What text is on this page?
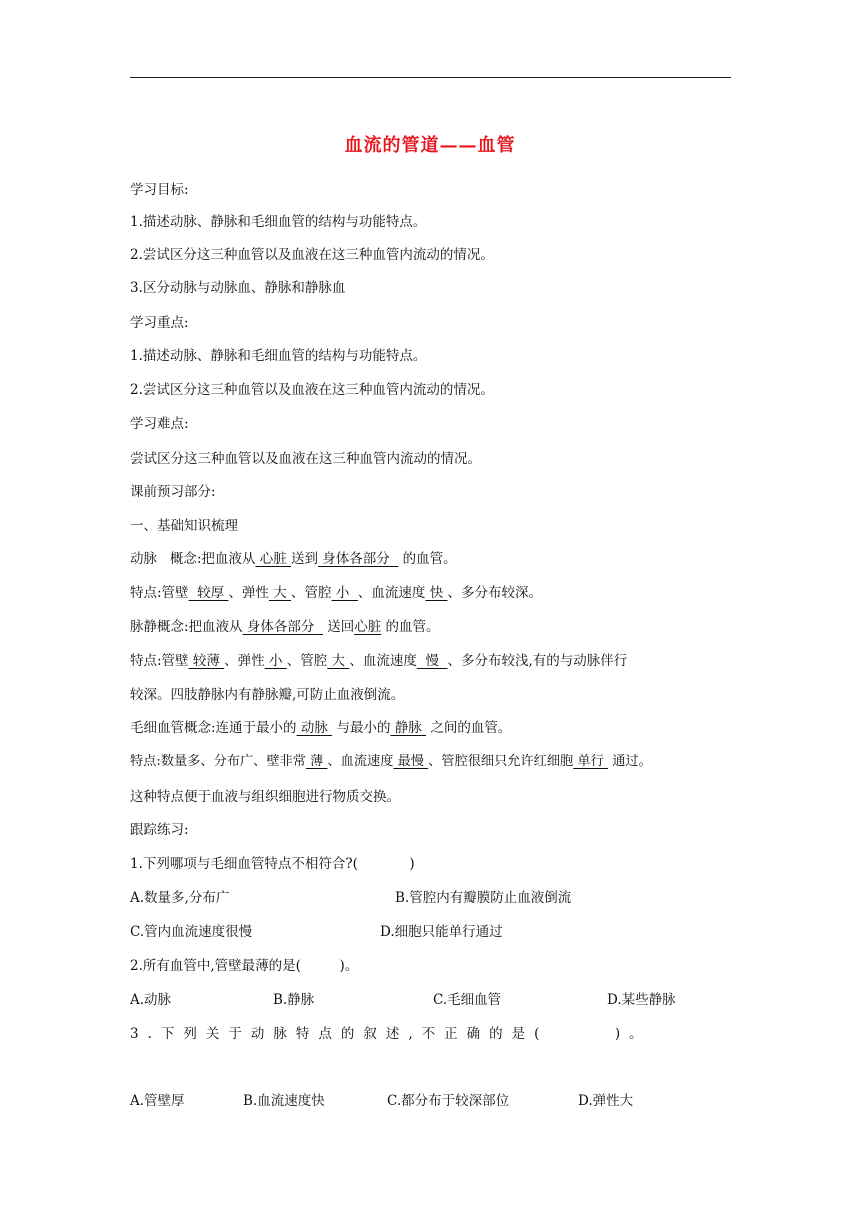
血流的管道——血管
学习目标:
1.描述动脉、静脉和毛细血管的结构与功能特点。
2.尝试区分这三种血管以及血液在这三种血管内流动的情况。
3.区分动脉与动脉血、静脉和静脉血
学习重点:
1.描述动脉、静脉和毛细血管的结构与功能特点。
2.尝试区分这三种血管以及血液在这三种血管内流动的情况。
学习难点:
尝试区分这三种血管以及血液在这三种血管内流动的情况。
课前预习部分:
一、基础知识梳理
动脉   概念:把血液从 心脏 送到 身体各部分   的血管。
特点:管壁  较厚 、弹性 大 、管腔 小  、血流速度 快 、多分布较深。
脉静概念:把血液从 身体各部分   送回心脏 的血管。
特点:管壁 较薄 、弹性 小 、管腔 大 、血流速度  慢  、多分布较浅,有的与动脉伴行
较深。四肢静脉内有静脉瓣,可防止血液倒流。
毛细血管概念:连通于最小的 动脉  与最小的 静脉  之间的血管。
特点:数量多、分布广、壁非常 薄 、血流速度 最慢 、管腔很细只允许红细胞 单行  通过。
这种特点便于血液与组织细胞进行物质交换。
跟踪练习:
1.下列哪项与毛细血管特点不相符合?(            )
A.数量多,分布广	B.管腔内有瓣膜防止血液倒流
C.管内血流速度很慢	D.细胞只能单行通过
2.所有血管中,管壁最薄的是(         )。
A.动脉	B.静脉	C.毛细血管	D.某些静脉
3.下列关于动脉特点的叙述,不正确的是(     )。
A.管壁厚	B.血流速度快	C.都分布于较深部位	D.弹性大
